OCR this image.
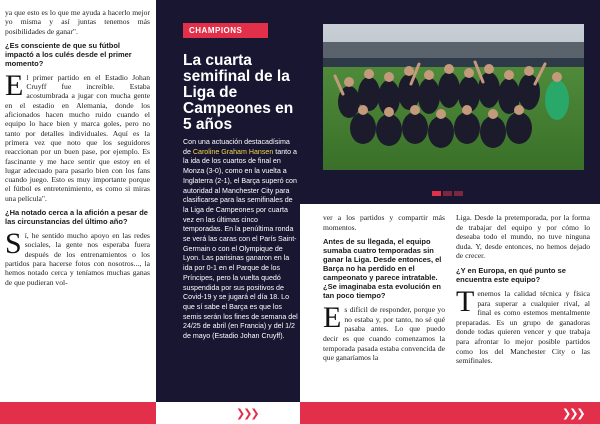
❯❯❯	❯❯❯

ya que esto es lo que me ayuda a hacerlo mejor yo misma y así juntas tenemos más posibilidades de ganar".

¿Es consciente de que su fútbol impactó a los culés desde el primer momento?

El primer partido en el Estadio Johan Cruyff fue increíble. Estaba acostumbrada a jugar con mucha gente en el estadio en Alemania, donde los aficionados hacen mucho ruido cuando el equipo lo hace bien y marca goles, pero no tanto por detalles individuales. Aquí es la primera vez que noto que los seguidores reaccionan por un buen pase, por ejemplo. Es fascinante y me hace sentir que estoy en el lugar adecuado para pasarlo bien con los fans cuando juego. Esto es muy importante porque el fútbol es entretenimiento, es como si miras una película".

¿Ha notado cerca a la afición a pesar de las circunstancias del último año?

Sí, he sentido mucho apoyo en las redes sociales, la gente nos esperaba fuera después de los entrenamientos o los partidos para hacerse fotos con nosotros..., la hemos notado cerca y teníamos muchas ganas de que pudieran vol-

CHAMPIONS
La cuarta semifinal de la Liga de Campeones en 5 años
Con una actuación destacadísima de Caroline Graham Hansen tanto a la ida de los cuartos de final en Monza (3-0), como en la vuelta a Inglaterra (2-1), el Barça superó con autoridad al Manchester City para clasificarse para las semifinales de la Liga de Campeones por cuarta vez en las últimas cinco temporadas. En la penúltima ronda se verá las caras con el París Saint-Germain o con el Olympique de Lyon. Las parisinas ganaron en la ida por 0-1 en el Parque de los Príncipes, pero la vuelta quedó suspendida por sus positivos de Covid-19 y se jugará el día 18. Lo que sí sabe el Barça es que los semis serán los fines de semana del 24/25 de abril (en Francia) y del 1/2 de mayo (Estadio Johan Cruyff).

ver a los partidos y compartir más momentos.

Antes de su llegada, el equipo sumaba cuatro temporadas sin ganar la Liga. Desde entonces, el Barça no ha perdido en el campeonato y parece intratable. ¿Se imaginaba esta evolución en tan poco tiempo?

Es difícil de responder, porque yo no estaba y, por tanto, no sé qué pasaba antes. Lo que puedo decir es que cuando comenzamos la temporada pasada estaba convencida de que ganaríamos la

Liga. Desde la pretemporada, por la forma de trabajar del equipo y por cómo lo deseaba todo el mundo, no tuve ninguna duda. Y, desde entonces, no hemos dejado de crecer.

¿Y en Europa, en qué punto se encuentra este equipo?

Tenemos la calidad técnica y física para superar a cualquier rival, al final es como estemos mentalmente preparadas. Es un grupo de ganadoras donde todas quieren vencer y que trabaja para afrontar lo mejor posible partidos como los del Manchester City o las semifinales.
